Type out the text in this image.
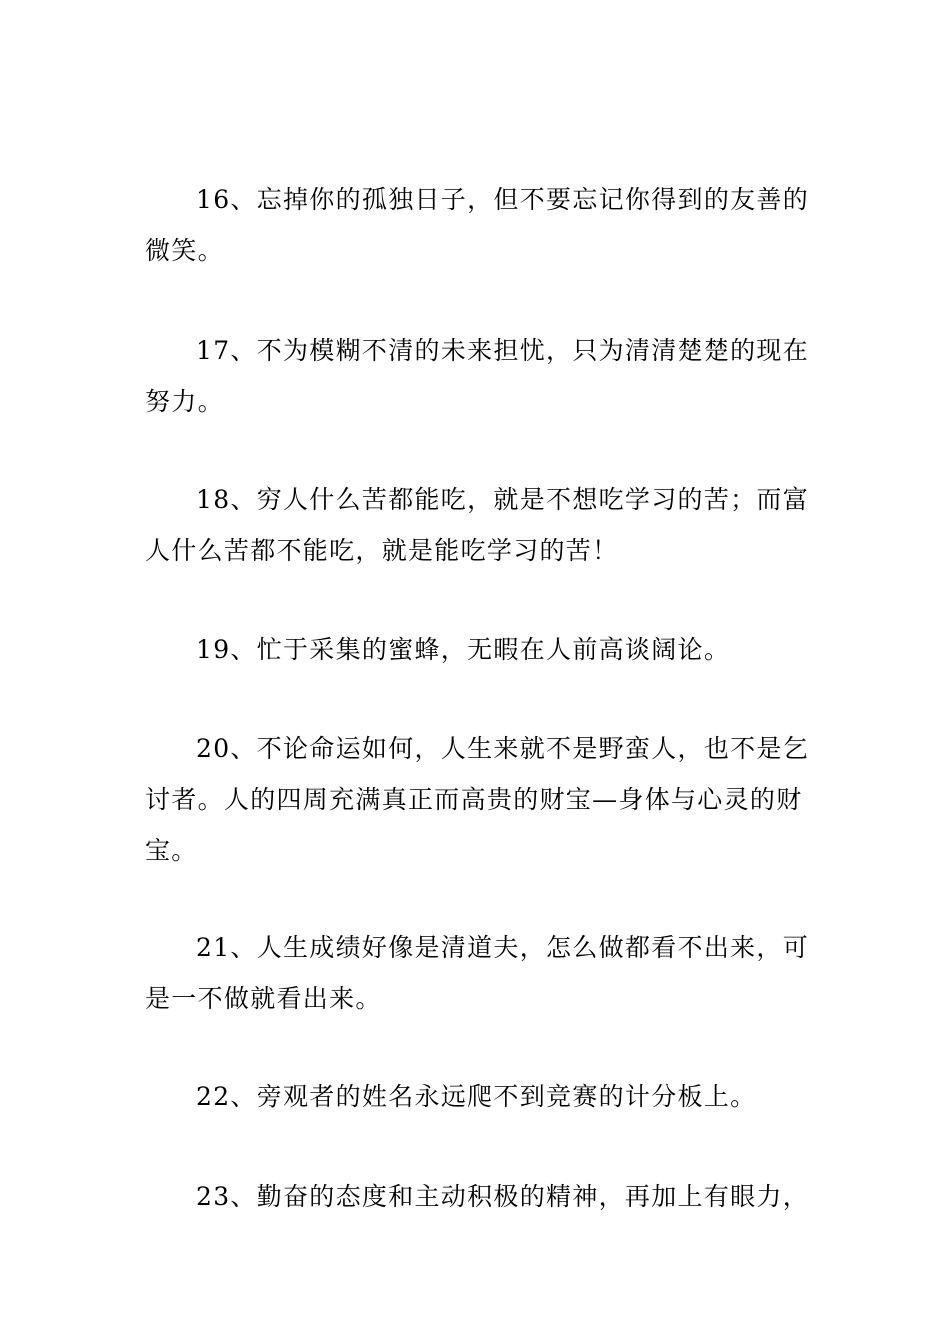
16、忘掉你的孤独日子，但不要忘记你得到的友善的微笑。

17、不为模糊不清的未来担忧，只为清清楚楚的现在努力。

18、穷人什么苦都能吃，就是不想吃学习的苦；而富人什么苦都不能吃，就是能吃学习的苦！

19、忙于采集的蜜蜂，无暇在人前高谈阔论。

20、不论命运如何，人生来就不是野蛮人，也不是乞讨者。人的四周充满真正而高贵的财宝—身体与心灵的财宝。

21、人生成绩好像是清道夫，怎么做都看不出来，可是一不做就看出来。

22、旁观者的姓名永远爬不到竞赛的计分板上。

23、勤奋的态度和主动积极的精神，再加上有眼力，
